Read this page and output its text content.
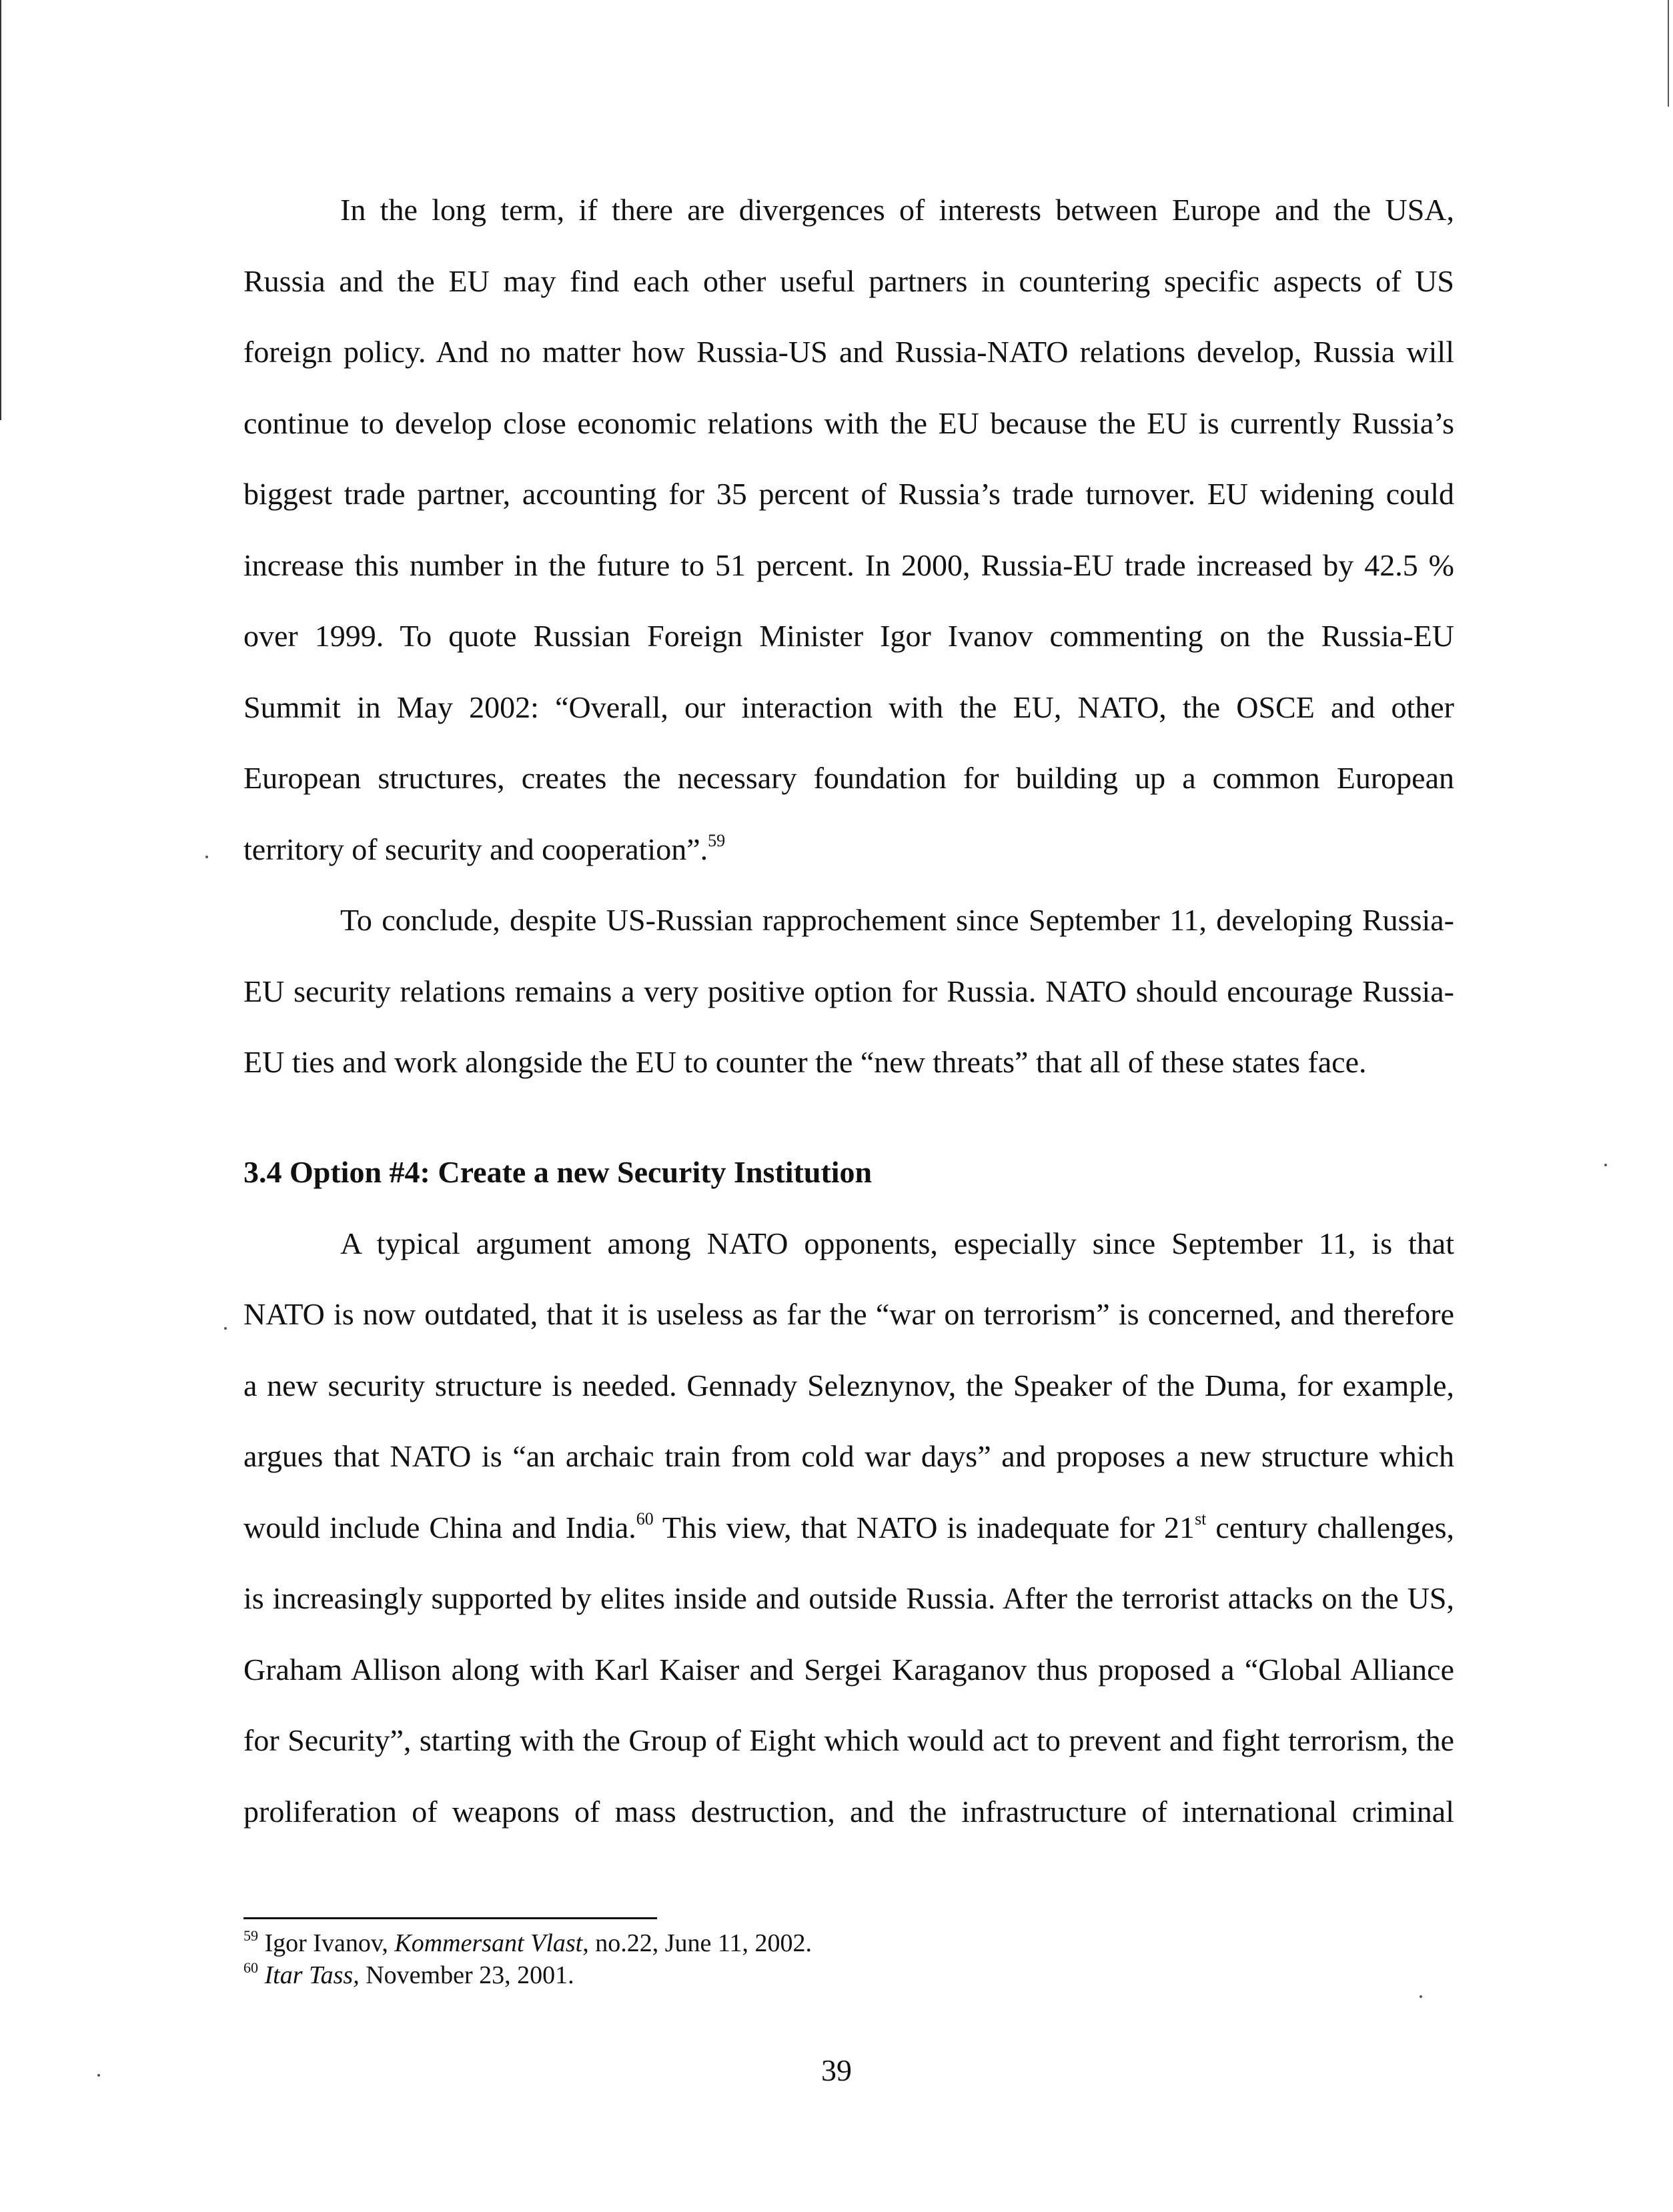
In the long term, if there are divergences of interests between Europe and the USA,
Russia and the EU may find each other useful partners in countering specific aspects of US
foreign policy. And no matter how Russia-US and Russia-NATO relations develop, Russia will
continue to develop close economic relations with the EU because the EU is currently Russia’s
biggest trade partner, accounting for 35 percent of Russia’s trade turnover. EU widening could
increase this number in the future to 51 percent. In 2000, Russia-EU trade increased by 42.5 %
over 1999. To quote Russian Foreign Minister Igor Ivanov commenting on the Russia-EU
Summit in May 2002: “Overall, our interaction with the EU, NATO, the OSCE and other
European structures, creates the necessary foundation for building up a common European
territory of security and cooperation”.$^{59}$
To conclude, despite US-Russian rapprochement since September 11, developing Russia-
EU security relations remains a very positive option for Russia. NATO should encourage Russia-
EU ties and work alongside the EU to counter the “new threats” that all of these states face.
3.4 Option #4: Create a new Security Institution
A typical argument among NATO opponents, especially since September 11, is that
NATO is now outdated, that it is useless as far the “war on terrorism” is concerned, and therefore
a new security structure is needed. Gennady Seleznynov, the Speaker of the Duma, for example,
argues that NATO is “an archaic train from cold war days” and proposes a new structure which
would include China and India.$^{60}$ This view, that NATO is inadequate for 21st century challenges,
is increasingly supported by elites inside and outside Russia. After the terrorist attacks on the US,
Graham Allison along with Karl Kaiser and Sergei Karaganov thus proposed a “Global Alliance
for Security”, starting with the Group of Eight which would act to prevent and fight terrorism, the
proliferation of weapons of mass destruction, and the infrastructure of international criminal
$^{59}$ Igor Ivanov, Kommersant Vlast, no.22, June 11, 2002.
$^{60}$ Itar Tass, November 23, 2001.
39
